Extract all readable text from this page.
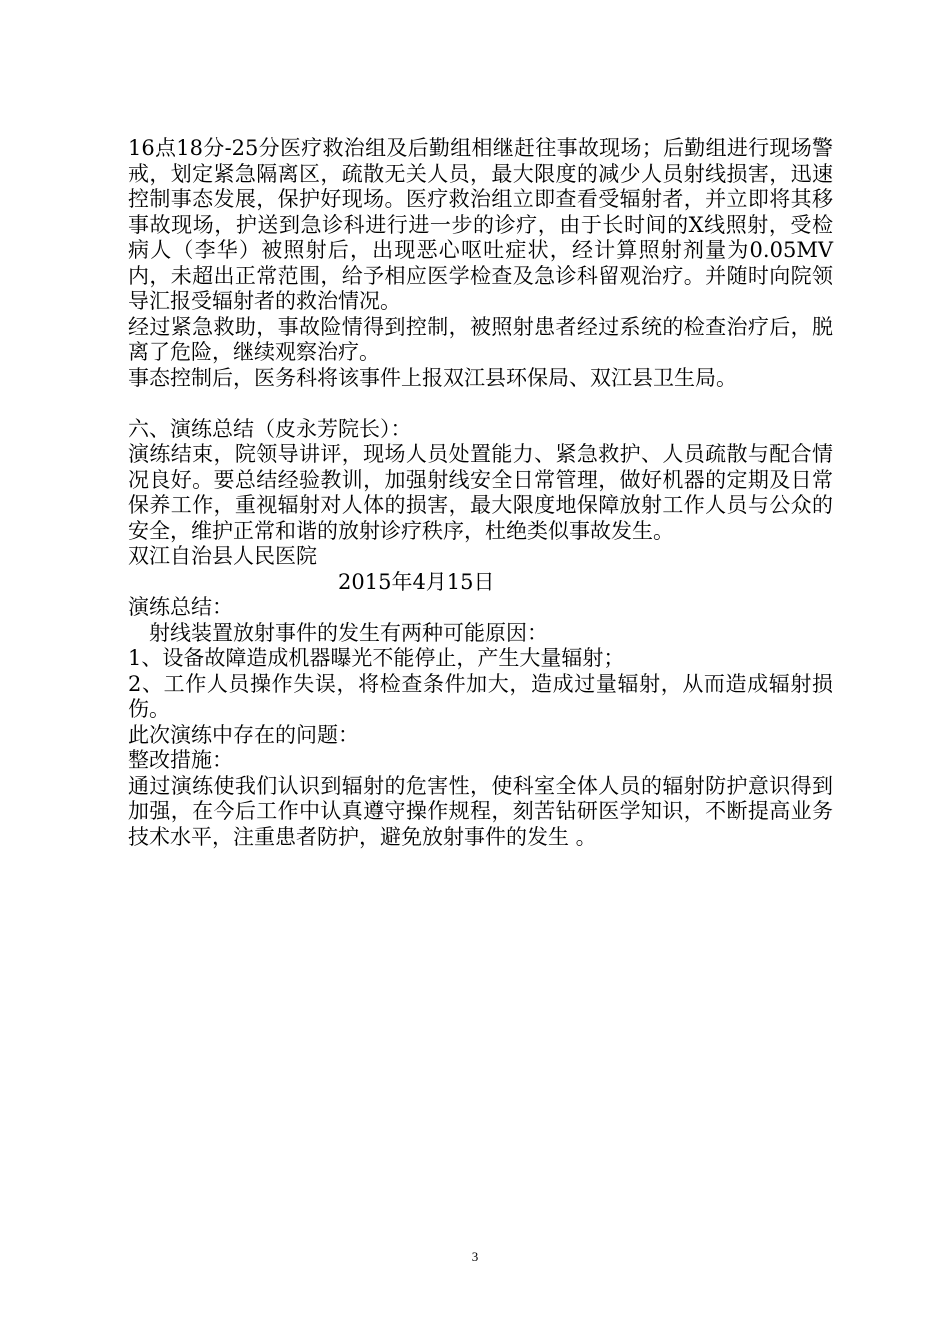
16点18分-25分医疗救治组及后勤组相继赶往事故现场；后勤组进行现场警戒，划定紧急隔离区，疏散无关人员，最大限度的减少人员射线损害，迅速控制事态发展，保护好现场。医疗救治组立即查看受辐射者，并立即将其移事故现场，护送到急诊科进行进一步的诊疗，由于长时间的X线照射，受检病人（李华）被照射后，出现恶心呕吐症状，经计算照射剂量为0.05MV内，未超出正常范围，给予相应医学检查及急诊科留观治疗。并随时向院领导汇报受辐射者的救治情况。

经过紧急救助，事故险情得到控制，被照射患者经过系统的检查治疗后，脱离了危险，继续观察治疗。

事态控制后，医务科将该事件上报双江县环保局、双江县卫生局。

六、演练总结（皮永芳院长）：

演练结束，院领导讲评，现场人员处置能力、紧急救护、人员疏散与配合情况良好。要总结经验教训，加强射线安全日常管理，做好机器的定期及日常保养工作，重视辐射对人体的损害，最大限度地保障放射工作人员与公众的安全，维护正常和谐的放射诊疗秩序，杜绝类似事故发生。

双江自治县人民医院

2015年4月15日

演练总结：

射线装置放射事件的发生有两种可能原因：

1、设备故障造成机器曝光不能停止，产生大量辐射；

2、工作人员操作失误，将检查条件加大，造成过量辐射，从而造成辐射损伤。

此次演练中存在的问题：

整改措施：

通过演练使我们认识到辐射的危害性，使科室全体人员的辐射防护意识得到加强，在今后工作中认真遵守操作规程，刻苦钻研医学知识，不断提高业务技术水平，注重患者防护，避免放射事件的发生 。

3
